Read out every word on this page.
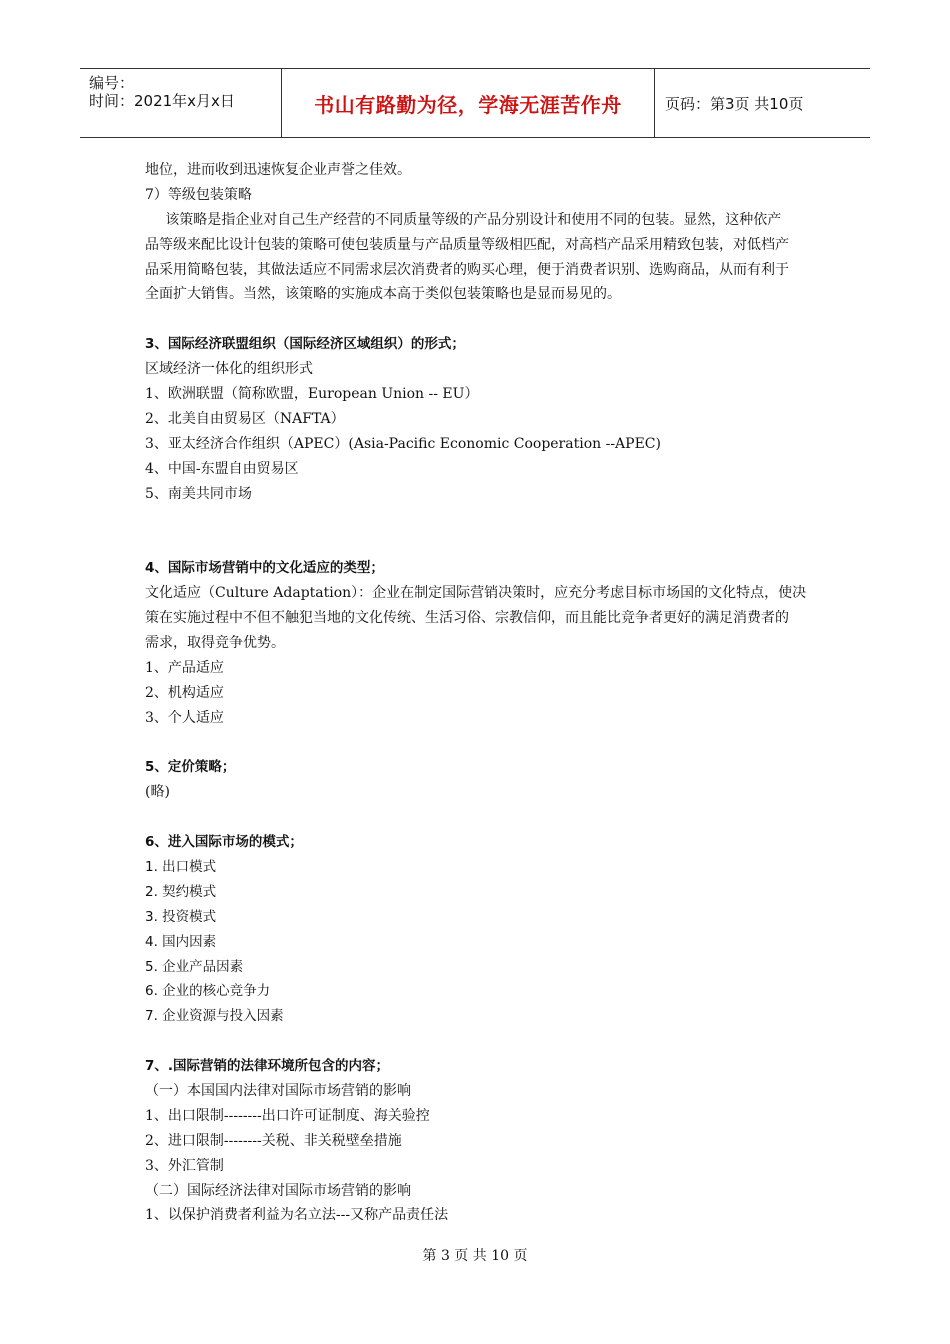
编号：
时间：2021年x月x日	书山有路勤为径，学海无涯苦作舟	页码：第3页 共10页
地位，进而收到迅速恢复企业声誉之佳效。
7）等级包装策略
该策略是指企业对自己生产经营的不同质量等级的产品分别设计和使用不同的包装。显然，这种依产
品等级来配比设计包装的策略可使包装质量与产品质量等级相匹配，对高档产品采用精致包装，对低档产
品采用简略包装，其做法适应不同需求层次消费者的购买心理，便于消费者识别、选购商品，从而有利于
全面扩大销售。当然，该策略的实施成本高于类似包装策略也是显而易见的。
3、国际经济联盟组织（国际经济区域组织）的形式；
区域经济一体化的组织形式
1、欧洲联盟（简称欧盟，European Union -- EU）
2、北美自由贸易区（NAFTA）
3、亚太经济合作组织（APEC）(Asia-Pacific Economic Cooperation --APEC)
4、中国-东盟自由贸易区
5、南美共同市场
4、国际市场营销中的文化适应的类型；
文化适应（Culture Adaptation）：企业在制定国际营销决策时，应充分考虑目标市场国的文化特点，使决
策在实施过程中不但不触犯当地的文化传统、生活习俗、宗教信仰，而且能比竞争者更好的满足消费者的
需求，取得竞争优势。
1、产品适应
2、机构适应
3、个人适应
5、定价策略；
(略)
6、进入国际市场的模式；
1. 出口模式
2. 契约模式
3. 投资模式
4. 国内因素
5. 企业产品因素
6. 企业的核心竞争力
7. 企业资源与投入因素
7、.国际营销的法律环境所包含的内容；
（一）本国国内法律对国际市场营销的影响
1、出口限制--------出口许可证制度、海关验控
2、进口限制--------关税、非关税壁垒措施
3、外汇管制
（二）国际经济法律对国际市场营销的影响
1、以保护消费者利益为名立法---又称产品责任法
第 3 页 共 10 页
